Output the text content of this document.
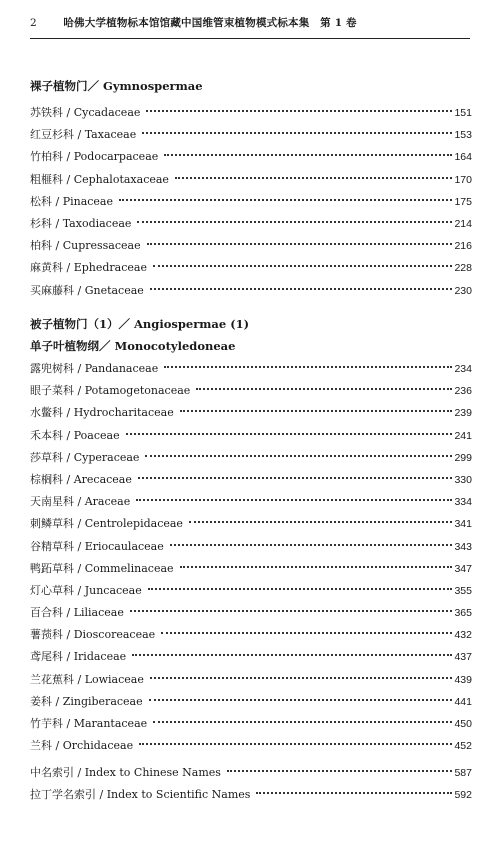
2	哈佛大学植物标本馆馆藏中国维管束植物模式标本集　第 1 卷
裸子植物门／ Gymnospermae
苏铁科 / Cycadaceae	151
红豆杉科 / Taxaceae	153
竹柏科 / Podocarpaceae	164
粗榧科 / Cephalotaxaceae	170
松科 / Pinaceae	175
杉科 / Taxodiaceae	214
柏科 / Cupressaceae	216
麻黄科 / Ephedraceae	228
买麻藤科 / Gnetaceae	230
被子植物门（1）／ Angiospermae (1)
单子叶植物纲／ Monocotyledoneae
露兜树科 / Pandanaceae	234
眼子菜科 / Potamogetonaceae	236
水鳖科 / Hydrocharitaceae	239
禾本科 / Poaceae	241
莎草科 / Cyperaceae	299
棕榈科 / Arecaceae	330
天南星科 / Araceae	334
刺鳞草科 / Centrolepidaceae	341
谷精草科 / Eriocaulaceae	343
鸭跖草科 / Commelinaceae	347
灯心草科 / Juncaceae	355
百合科 / Liliaceae	365
薯蓣科 / Dioscoreaceae	432
鸢尾科 / Iridaceae	437
兰花蕉科 / Lowiaceae	439
姜科 / Zingiberaceae	441
竹芋科 / Marantaceae	450
兰科 / Orchidaceae	452
中名索引 / Index to Chinese Names	587
拉丁学名索引 / Index to Scientific Names	592
